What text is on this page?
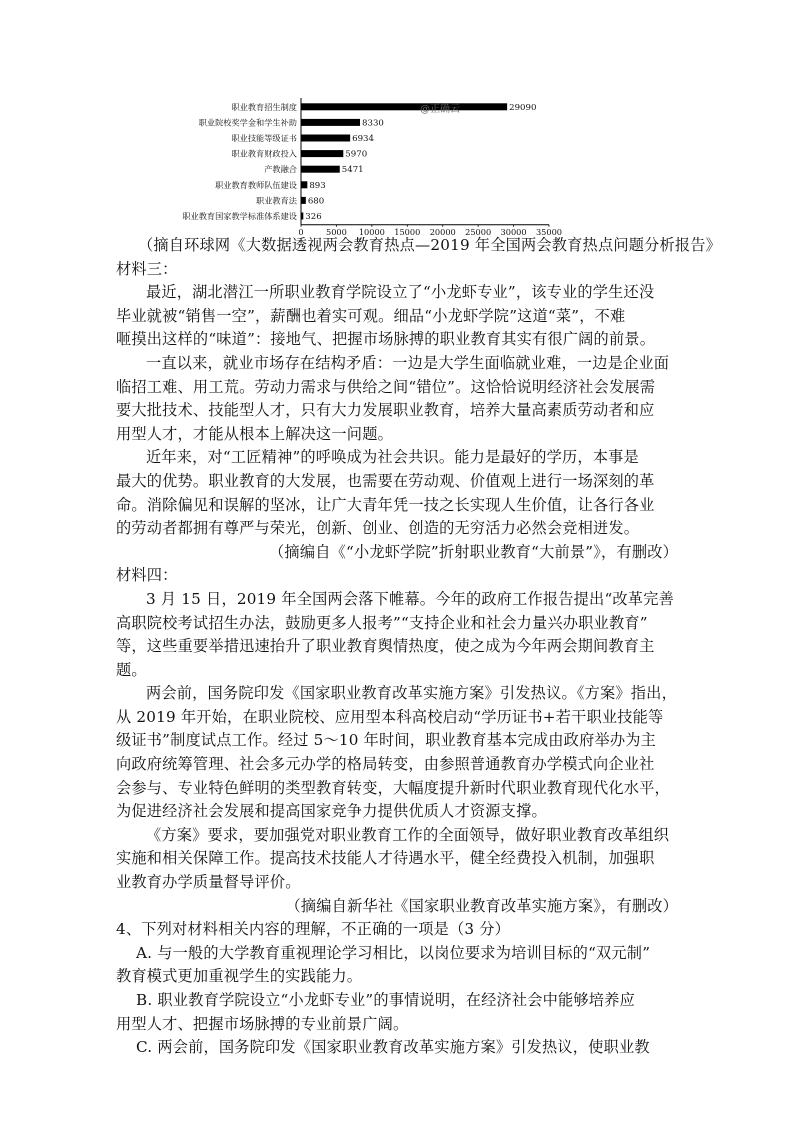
职业教育招生制度	29090
职业院校奖学金和学生补助	8330
职业技能等级证书	6934
职业教育财政投入	5970
产教融合	5471
职业教育教师队伍建设 893
职业教育法 680
职业教育国家教学标准体系建设 326
0	5000 10000 15000 20000 25000 30000 35000
@正确云
（摘自环球网《大数据透视两会教育热点—2019 年全国两会教育热点问题分析报告》
材料三：
最近，湖北潜江一所职业教育学院设立了“小龙虾专业”，该专业的学生还没
毕业就被“销售一空”，薪酬也着实可观。细品“小龙虾学院”这道“菜”，不难
咂摸出这样的“味道”：接地气、把握市场脉搏的职业教育其实有很广阔的前景。
一直以来，就业市场存在结构矛盾：一边是大学生面临就业难，一边是企业面
临招工难、用工荒。劳动力需求与供给之间“错位”。这恰恰说明经济社会发展需
要大批技术、技能型人才，只有大力发展职业教育，培养大量高素质劳动者和应
用型人才，才能从根本上解决这一问题。
近年来，对“工匠精神”的呼唤成为社会共识。能力是最好的学历，本事是
最大的优势。职业教育的大发展，也需要在劳动观、价值观上进行一场深刻的革
命。消除偏见和误解的坚冰，让广大青年凭一技之长实现人生价值，让各行各业
的劳动者都拥有尊严与荣光，创新、创业、创造的无穷活力必然会竞相迸发。
（摘编自《“小龙虾学院”折射职业教育“大前景”》，有删改）
材料四：
3 月 15 日，2019 年全国两会落下帷幕。今年的政府工作报告提出“改革完善
高职院校考试招生办法，鼓励更多人报考”“支持企业和社会力量兴办职业教育”
等，这些重要举措迅速抬升了职业教育舆情热度，使之成为今年两会期间教育主
题。
两会前，国务院印发《国家职业教育改革实施方案》引发热议。《方案》指出，
从 2019 年开始，在职业院校、应用型本科高校启动“学历证书+若干职业技能等
级证书”制度试点工作。经过 5～10 年时间，职业教育基本完成由政府举办为主
向政府统筹管理、社会多元办学的格局转变，由参照普通教育办学模式向企业社
会参与、专业特色鲜明的类型教育转变，大幅度提升新时代职业教育现代化水平，
为促进经济社会发展和提高国家竞争力提供优质人才资源支撑。
《方案》要求，要加强党对职业教育工作的全面领导，做好职业教育改革组织
实施和相关保障工作。提高技术技能人才待遇水平，健全经费投入机制，加强职
业教育办学质量督导评价。
（摘编自新华社《国家职业教育改革实施方案》，有删改）
4、下列对材料相关内容的理解，不正确的一项是（3 分）
A. 与一般的大学教育重视理论学习相比，以岗位要求为培训目标的“双元制”
教育模式更加重视学生的实践能力。
B. 职业教育学院设立“小龙虾专业”的事情说明，在经济社会中能够培养应
用型人才、把握市场脉搏的专业前景广阔。
C. 两会前，国务院印发《国家职业教育改革实施方案》引发热议，使职业教
